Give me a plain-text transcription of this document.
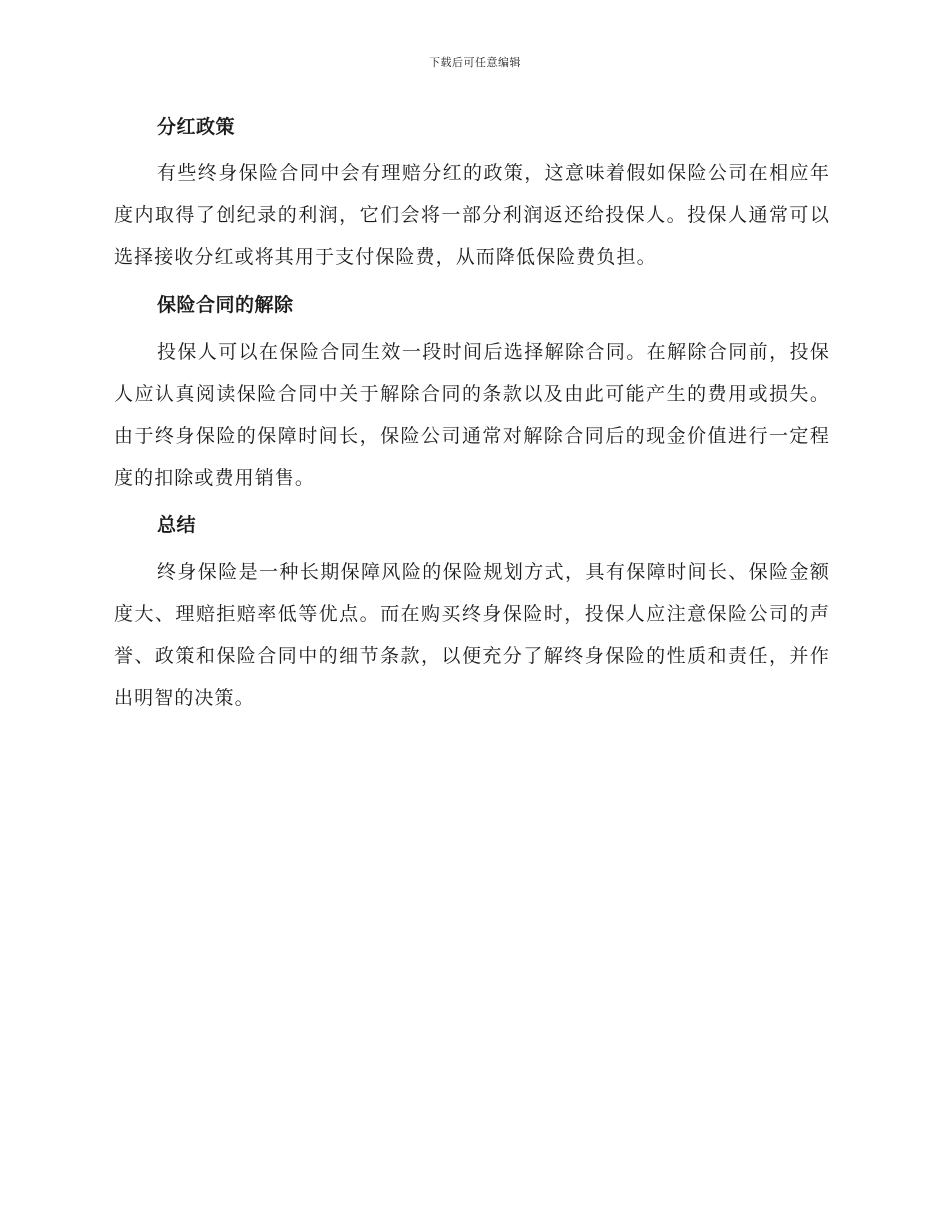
下载后可任意编辑
分红政策

有些终身保险合同中会有理赔分红的政策，这意味着假如保险公司在相应年度内取得了创纪录的利润，它们会将一部分利润返还给投保人。投保人通常可以选择接收分红或将其用于支付保险费，从而降低保险费负担。

保险合同的解除

投保人可以在保险合同生效一段时间后选择解除合同。在解除合同前，投保人应认真阅读保险合同中关于解除合同的条款以及由此可能产生的费用或损失。由于终身保险的保障时间长，保险公司通常对解除合同后的现金价值进行一定程度的扣除或费用销售。

总结

终身保险是一种长期保障风险的保险规划方式，具有保障时间长、保险金额度大、理赔拒赔率低等优点。而在购买终身保险时，投保人应注意保险公司的声誉、政策和保险合同中的细节条款，以便充分了解终身保险的性质和责任，并作出明智的决策。
